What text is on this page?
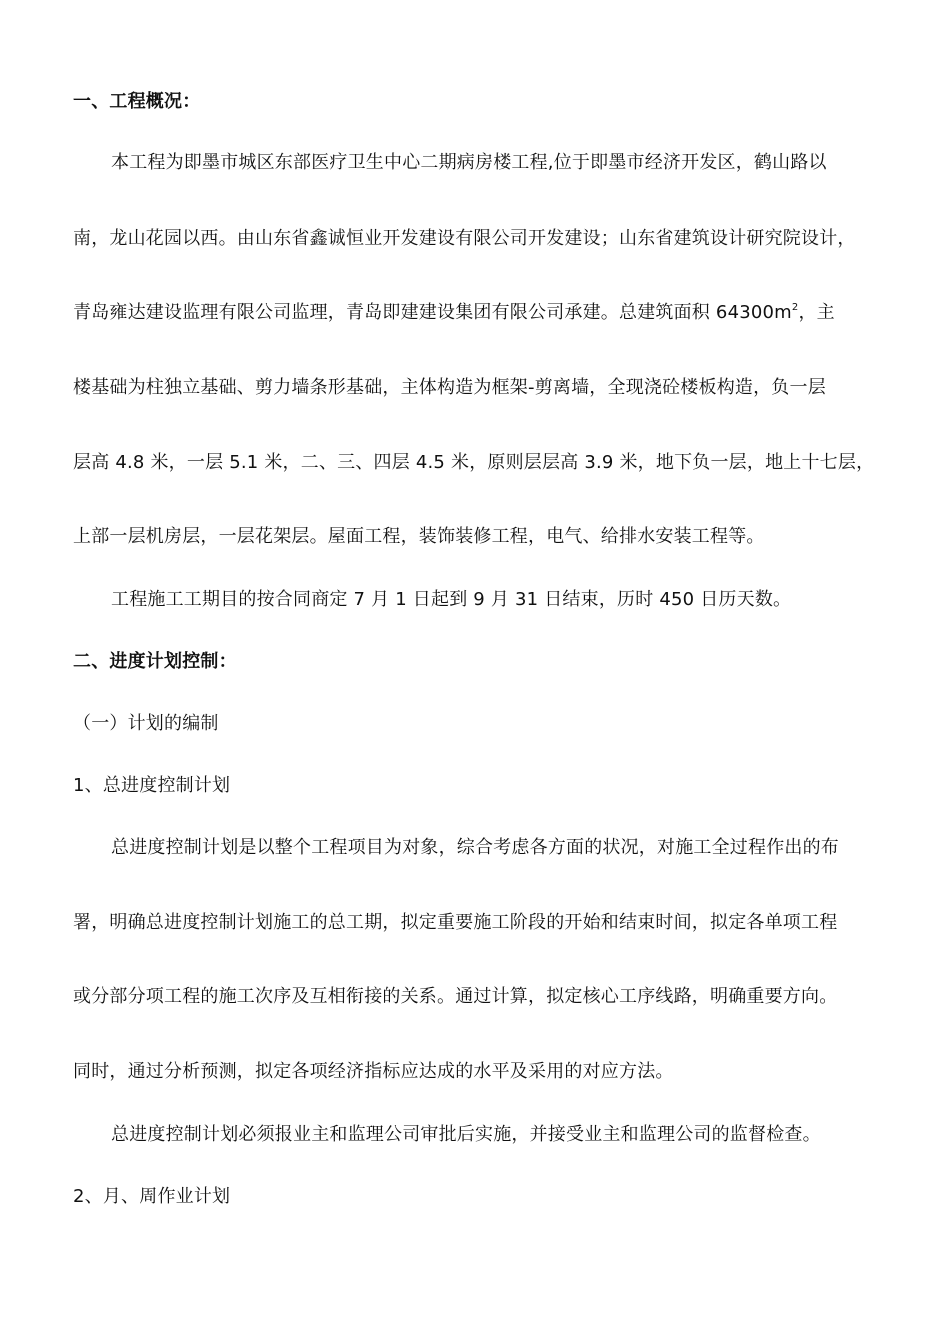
一、工程概况：
本工程为即墨市城区东部医疗卫生中心二期病房楼工程,位于即墨市经济开发区，鹤山路以
南，龙山花园以西。由山东省鑫诚恒业开发建设有限公司开发建设；山东省建筑设计研究院设计，
青岛雍达建设监理有限公司监理，青岛即建建设集团有限公司承建。总建筑面积 $64300m^2$，主
楼基础为柱独立基础、剪力墙条形基础，主体构造为框架-剪离墙，全现浇砼楼板构造，负一层
层高 4.8 米，一层 5.1 米，二、三、四层 4.5 米，原则层层高 3.9 米，地下负一层，地上十七层，
上部一层机房层，一层花架层。屋面工程，装饰装修工程，电气、给排水安装工程等。
工程施工工期目的按合同商定 7 月 1 日起到 9 月 31 日结束，历时 450 日历天数。
二、进度计划控制：
（一）计划的编制
1、总进度控制计划
总进度控制计划是以整个工程项目为对象，综合考虑各方面的状况，对施工全过程作出的布
署，明确总进度控制计划施工的总工期，拟定重要施工阶段的开始和结束时间，拟定各单项工程
或分部分项工程的施工次序及互相衔接的关系。通过计算，拟定核心工序线路，明确重要方向。
同时，通过分析预测，拟定各项经济指标应达成的水平及采用的对应方法。
总进度控制计划必须报业主和监理公司审批后实施，并接受业主和监理公司的监督检查。
2、月、周作业计划
